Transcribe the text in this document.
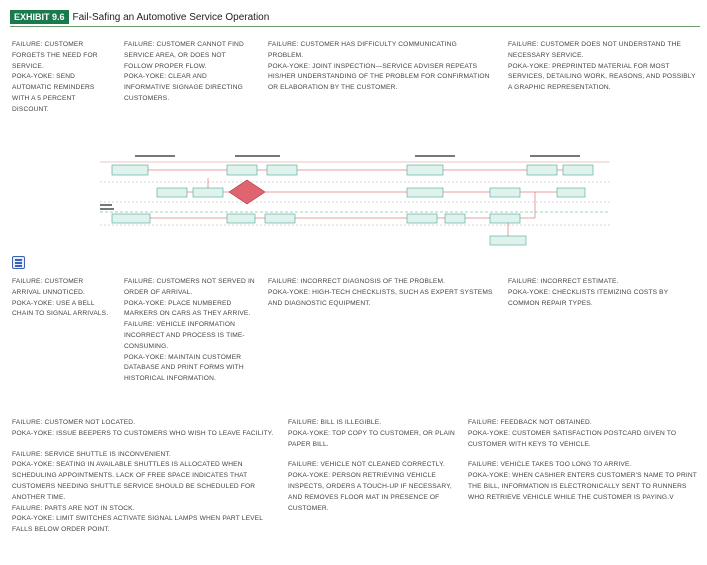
EXHIBIT 9.6 Fail-Safing an Automotive Service Operation

FAILURE: CUSTOMER FORGETS THE NEED FOR SERVICE.

POKA-YOKE: SEND AUTOMATIC REMINDERS WITH A 5 PERCENT DISCOUNT.

FAILURE: CUSTOMER CANNOT FIND SERVICE AREA, OR DOES NOT FOLLOW PROPER FLOW.

POKA-YOKE: CLEAR AND INFORMATIVE SIGNAGE DIRECTING CUSTOMERS.

FAILURE: CUSTOMER HAS DIFFICULTY COMMUNICATING PROBLEM.

POKA-YOKE: JOINT INSPECTION—SERVICE ADVISER REPEATS HIS/HER UNDERSTANDING OF THE PROBLEM FOR CONFIRMATION OR ELABORATION BY THE CUSTOMER.

FAILURE: CUSTOMER DOES NOT UNDERSTAND THE NECESSARY SERVICE.

POKA-YOKE: PREPRINTED MATERIAL FOR MOST SERVICES, DETAILING WORK, REASONS, AND POSSIBLY A GRAPHIC REPRESENTATION.

FAILURE: CUSTOMER ARRIVAL UNNOTICED.

POKA-YOKE: USE A BELL CHAIN TO SIGNAL ARRIVALS.

FAILURE: CUSTOMERS NOT SERVED IN ORDER OF ARRIVAL.

POKA-YOKE: PLACE NUMBERED MARKERS ON CARS AS THEY ARRIVE.

FAILURE: VEHICLE INFORMATION INCORRECT AND PROCESS IS TIME-CONSUMING.

POKA-YOKE: MAINTAIN CUSTOMER DATABASE AND PRINT FORMS WITH HISTORICAL INFORMATION.

FAILURE: INCORRECT DIAGNOSIS OF THE PROBLEM.

POKA-YOKE: HIGH-TECH CHECKLISTS, SUCH AS EXPERT SYSTEMS AND DIAGNOSTIC EQUIPMENT.

FAILURE: INCORRECT ESTIMATE.

POKA-YOKE: CHECKLISTS ITEMIZING COSTS BY COMMON REPAIR TYPES.

FAILURE: CUSTOMER NOT LOCATED.

POKA-YOKE: ISSUE BEEPERS TO CUSTOMERS WHO WISH TO LEAVE FACILITY.

FAILURE: SERVICE SHUTTLE IS INCONVENIENT.

POKA-YOKE: SEATING IN AVAILABLE SHUTTLES IS ALLOCATED WHEN SCHEDULING APPOINTMENTS. LACK OF FREE SPACE INDICATES THAT CUSTOMERS NEEDING SHUTTLE SERVICE SHOULD BE SCHEDULED FOR ANOTHER TIME.

FAILURE: PARTS ARE NOT IN STOCK.

POKA-YOKE: LIMIT SWITCHES ACTIVATE SIGNAL LAMPS WHEN PART LEVEL FALLS BELOW ORDER POINT.

FAILURE: BILL IS ILLEGIBLE.

POKA-YOKE: TOP COPY TO CUSTOMER, OR PLAIN PAPER BILL.

FAILURE: VEHICLE NOT CLEANED CORRECTLY.

POKA-YOKE: PERSON RETRIEVING VEHICLE INSPECTS, ORDERS A TOUCH-UP IF NECESSARY, AND REMOVES FLOOR MAT IN PRESENCE OF CUSTOMER.

FAILURE: FEEDBACK NOT OBTAINED.

POKA-YOKE: CUSTOMER SATISFACTION POSTCARD GIVEN TO CUSTOMER WITH KEYS TO VEHICLE.

FAILURE: VEHICLE TAKES TOO LONG TO ARRIVE.

POKA-YOKE: WHEN CASHIER ENTERS CUSTOMER'S NAME TO PRINT THE BILL, INFORMATION IS ELECTRONICALLY SENT TO RUNNERS WHO RETRIEVE VEHICLE WHILE THE CUSTOMER IS PAYING.V
